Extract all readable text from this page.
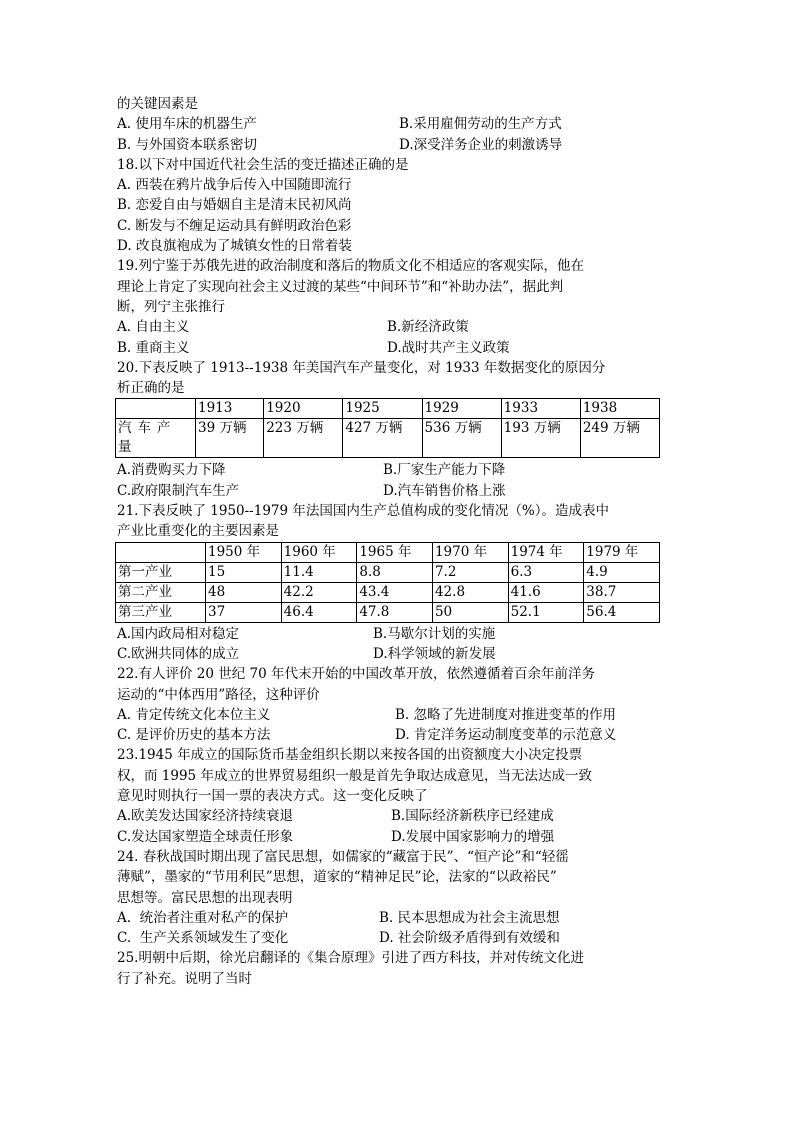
的关键因素是
A. 使用车床的机器生产	B.采用雇佣劳动的生产方式
B. 与外国资本联系密切	D.深受洋务企业的刺激诱导
18.以下对中国近代社会生活的变迁描述正确的是
A. 西装在鸦片战争后传入中国随即流行
B. 恋爱自由与婚姻自主是清末民初风尚
C. 断发与不缠足运动具有鲜明政治色彩
D. 改良旗袍成为了城镇女性的日常着装
19.列宁鉴于苏俄先进的政治制度和落后的物质文化不相适应的客观实际，他在
理论上肯定了实现向社会主义过渡的某些“中间环节”和“补助办法”，据此判
断，列宁主张推行
A. 自由主义	B.新经济政策
B. 重商主义	D.战时共产主义政策
20.下表反映了 1913--1938 年美国汽车产量变化，对 1933 年数据变化的原因分
析正确的是
	1913	1920	1925	1929	1933	1938
汽车产量	39 万辆	223 万辆	427 万辆	536 万辆	193 万辆	249 万辆
A.消费购买力下降	B.厂家生产能力下降
C.政府限制汽车生产	D.汽车销售价格上涨
21.下表反映了 1950--1979 年法国国内生产总值构成的变化情况（%）。造成表中
产业比重变化的主要因素是
	1950 年	1960 年	1965 年	1970 年	1974 年	1979 年
第一产业	15	11.4	8.8	7.2	6.3	4.9
第二产业	48	42.2	43.4	42.8	41.6	38.7
第三产业	37	46.4	47.8	50	52.1	56.4
A.国内政局相对稳定	B.马歇尔计划的实施
C.欧洲共同体的成立	D.科学领域的新发展
22.有人评价 20 世纪 70 年代末开始的中国改革开放，依然遵循着百余年前洋务
运动的“中体西用”路径，这种评价
A. 肯定传统文化本位主义	B. 忽略了先进制度对推进变革的作用
C. 是评价历史的基本方法	D. 肯定洋务运动制度变革的示范意义
23.1945 年成立的国际货币基金组织长期以来按各国的出资额度大小决定投票
权，而 1995 年成立的世界贸易组织一般是首先争取达成意见，当无法达成一致
意见时则执行一国一票的表决方式。这一变化反映了
A.欧美发达国家经济持续衰退	B.国际经济新秩序已经建成
C.发达国家塑造全球责任形象	D.发展中国家影响力的增强
24. 春秋战国时期出现了富民思想，如儒家的“藏富于民”、“恒产论”和“轻徭
薄赋”，墨家的“节用利民”思想，道家的“精神足民”论，法家的“以政裕民”
思想等。富民思想的出现表明
A.  统治者注重对私产的保护	B. 民本思想成为社会主流思想
C.  生产关系领域发生了变化	D. 社会阶级矛盾得到有效缓和
25.明朝中后期，徐光启翻译的《集合原理》引进了西方科技，并对传统文化进
行了补充。说明了当时
